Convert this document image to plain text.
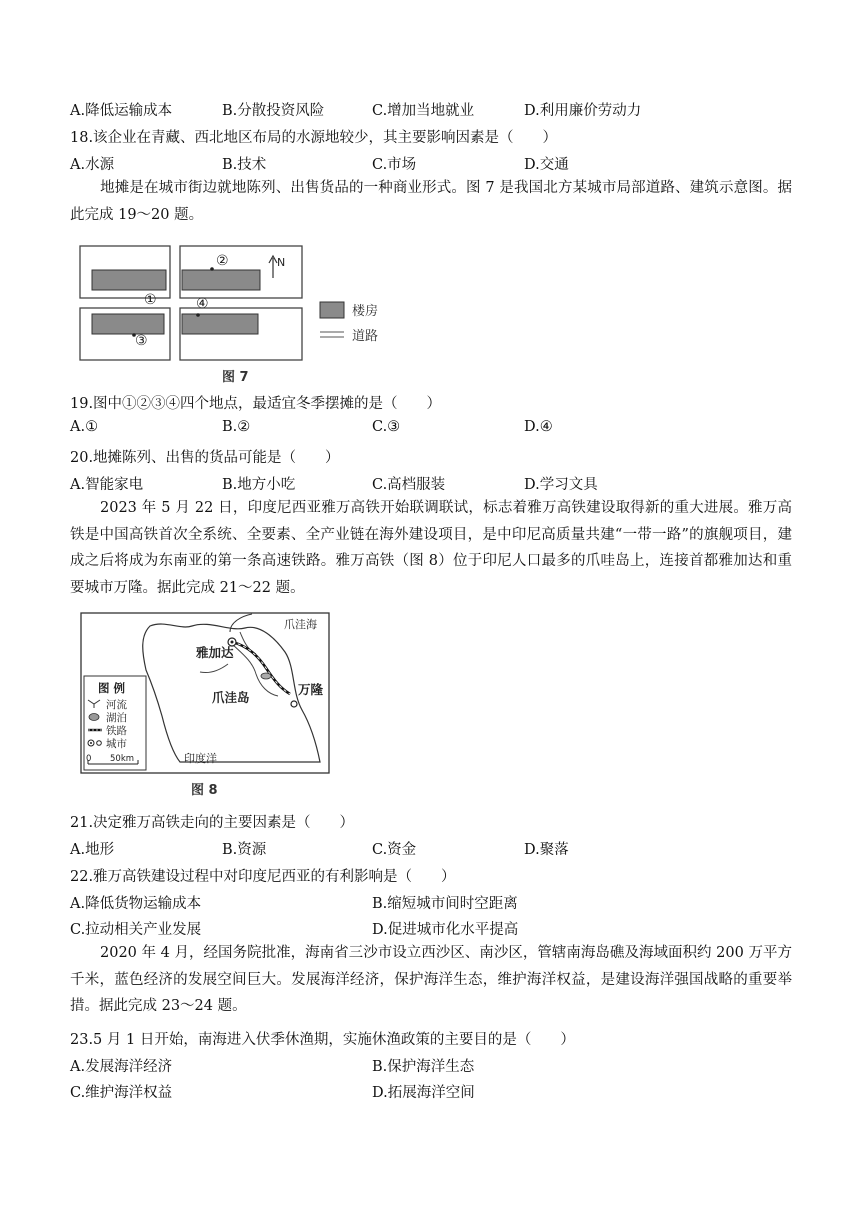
A.降低运输成本	B.分散投资风险	C.增加当地就业	D.利用廉价劳动力
18.该企业在青藏、西北地区布局的水源地较少，其主要影响因素是（　　）
A.水源	B.技术	C.市场	D.交通
地摊是在城市街边就地陈列、出售货品的一种商业形式。图 7 是我国北方某城市局部道路、建筑示意图。据此完成 19～20 题。
②
①	④
③
N
楼房
道路
图 7
19.图中①②③④四个地点，最适宜冬季摆摊的是（　　）
A.①	B.②	C.③	D.④
20.地摊陈列、出售的货品可能是（　　）
A.智能家电	B.地方小吃	C.高档服装	D.学习文具
2023 年 5 月 22 日，印度尼西亚雅万高铁开始联调联试，标志着雅万高铁建设取得新的重大进展。雅万高铁是中国高铁首次全系统、全要素、全产业链在海外建设项目，是中印尼高质量共建“一带一路”的旗舰项目，建成之后将成为东南亚的第一条高速铁路。雅万高铁（图 8）位于印尼人口最多的爪哇岛上，连接首都雅加达和重要城市万隆。据此完成 21～22 题。
爪洼海
雅加达
万隆
爪洼岛
印度洋
图 例
河流
湖泊
铁路
城市
0 50km
图 8
21.决定雅万高铁走向的主要因素是（　　）
A.地形	B.资源	C.资金	D.聚落
22.雅万高铁建设过程中对印度尼西亚的有利影响是（　　）
A.降低货物运输成本	B.缩短城市间时空距离
C.拉动相关产业发展	D.促进城市化水平提高
2020 年 4 月，经国务院批准，海南省三沙市设立西沙区、南沙区，管辖南海岛礁及海域面积约 200 万平方千米，蓝色经济的发展空间巨大。发展海洋经济，保护海洋生态，维护海洋权益，是建设海洋强国战略的重要举措。据此完成 23～24 题。
23.5 月 1 日开始，南海进入伏季休渔期，实施休渔政策的主要目的是（　　）
A.发展海洋经济	B.保护海洋生态
C.维护海洋权益	D.拓展海洋空间
